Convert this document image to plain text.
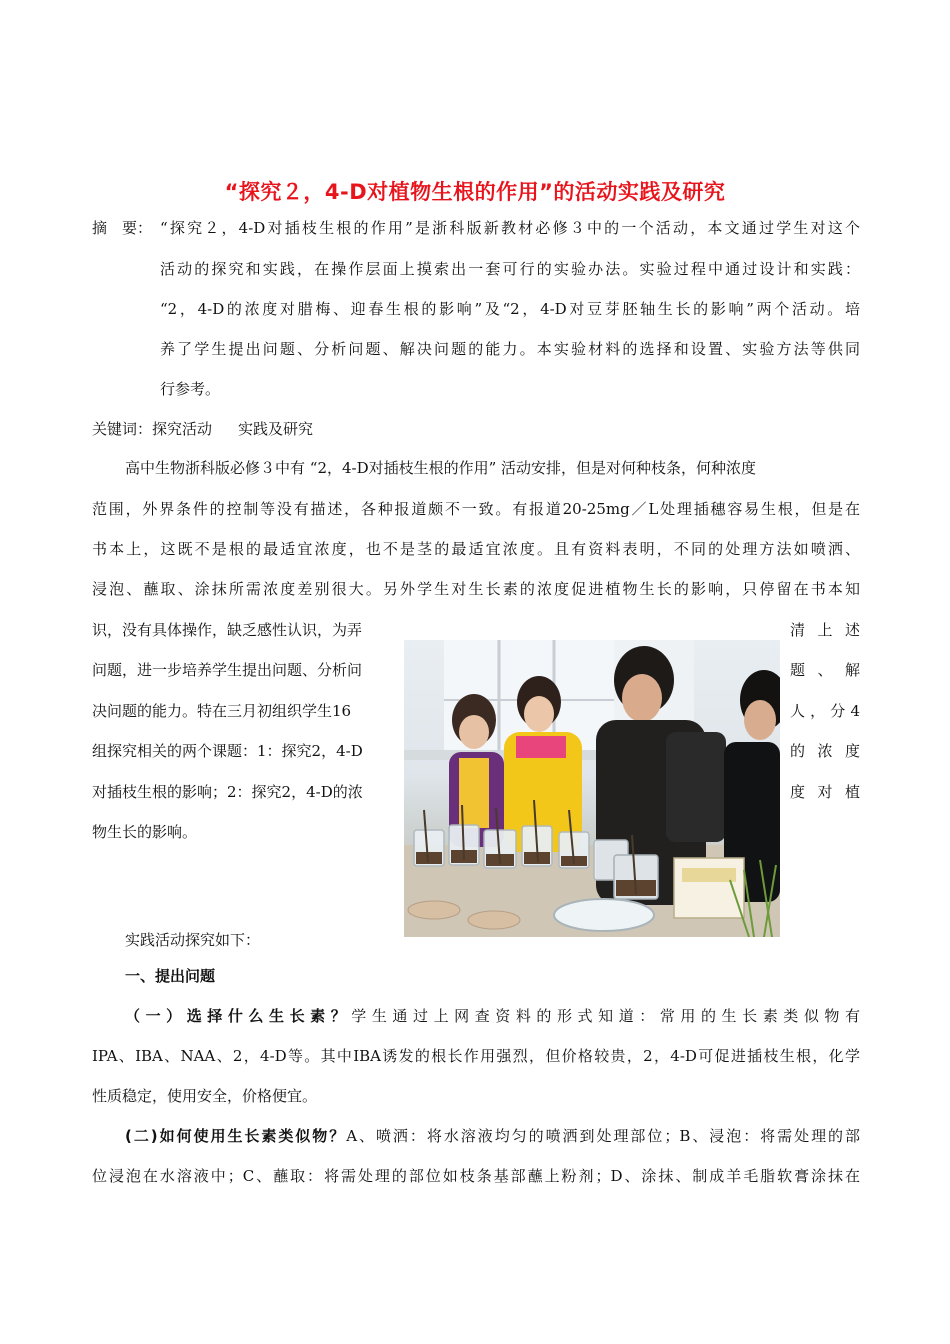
“探究２，4-D对植物生根的作用”的活动实践及研究
摘　要： “探究２，4-D对插枝生根的作用”是浙科版新教材必修３中的一个活动，本文通过学生对这个
活动的探究和实践，在操作层面上摸索出一套可行的实验办法。实验过程中通过设计和实践：
“2，4-D的浓度对腊梅、迎春生根的影响”及“2，4-D对豆芽胚轴生长的影响”两个活动。培
养了学生提出问题、分析问题、解决问题的能力。本实验材料的选择和设置、实验方法等供同
行参考。
关键词：探究活动 实践及研究
高中生物浙科版必修３中有 “2，4-D对插枝生根的作用” 活动安排，但是对何种枝条，何种浓度
范围，外界条件的控制等没有描述，各种报道颇不一致。有报道20-25mg／L处理插穗容易生根，但是在
书本上，这既不是根的最适宜浓度，也不是茎的最适宜浓度。且有资料表明，不同的处理方法如喷洒、
浸泡、蘸取、涂抹所需浓度差别很大。另外学生对生长素的浓度促进植物生长的影响，只停留在书本知
识，没有具体操作，缺乏感性认识，为弄
问题，进一步培养学生提出问题、分析问
决问题的能力。特在三月初组织学生16
组探究相关的两个课题：1：探究2，4-D
对插枝生根的影响；2：探究2，4-D的浓
物生长的影响。
清上述
题、解
人，分4
的浓度
度对植
实践活动探究如下：
一、提出问题
（一）选择什么生长素？学生通过上网查资料的形式知道：常用的生长素类似物有
IPA、IBA、NAA、2，4-D等。其中IBA诱发的根长作用强烈，但价格较贵，2，4-D可促进插枝生根，化学
性质稳定，使用安全，价格便宜。
(二)如何使用生长素类似物？A、喷洒：将水溶液均匀的喷洒到处理部位；B、浸泡：将需处理的部
位浸泡在水溶液中；C、蘸取：将需处理的部位如枝条基部蘸上粉剂；D、涂抹、制成羊毛脂软膏涂抹在
